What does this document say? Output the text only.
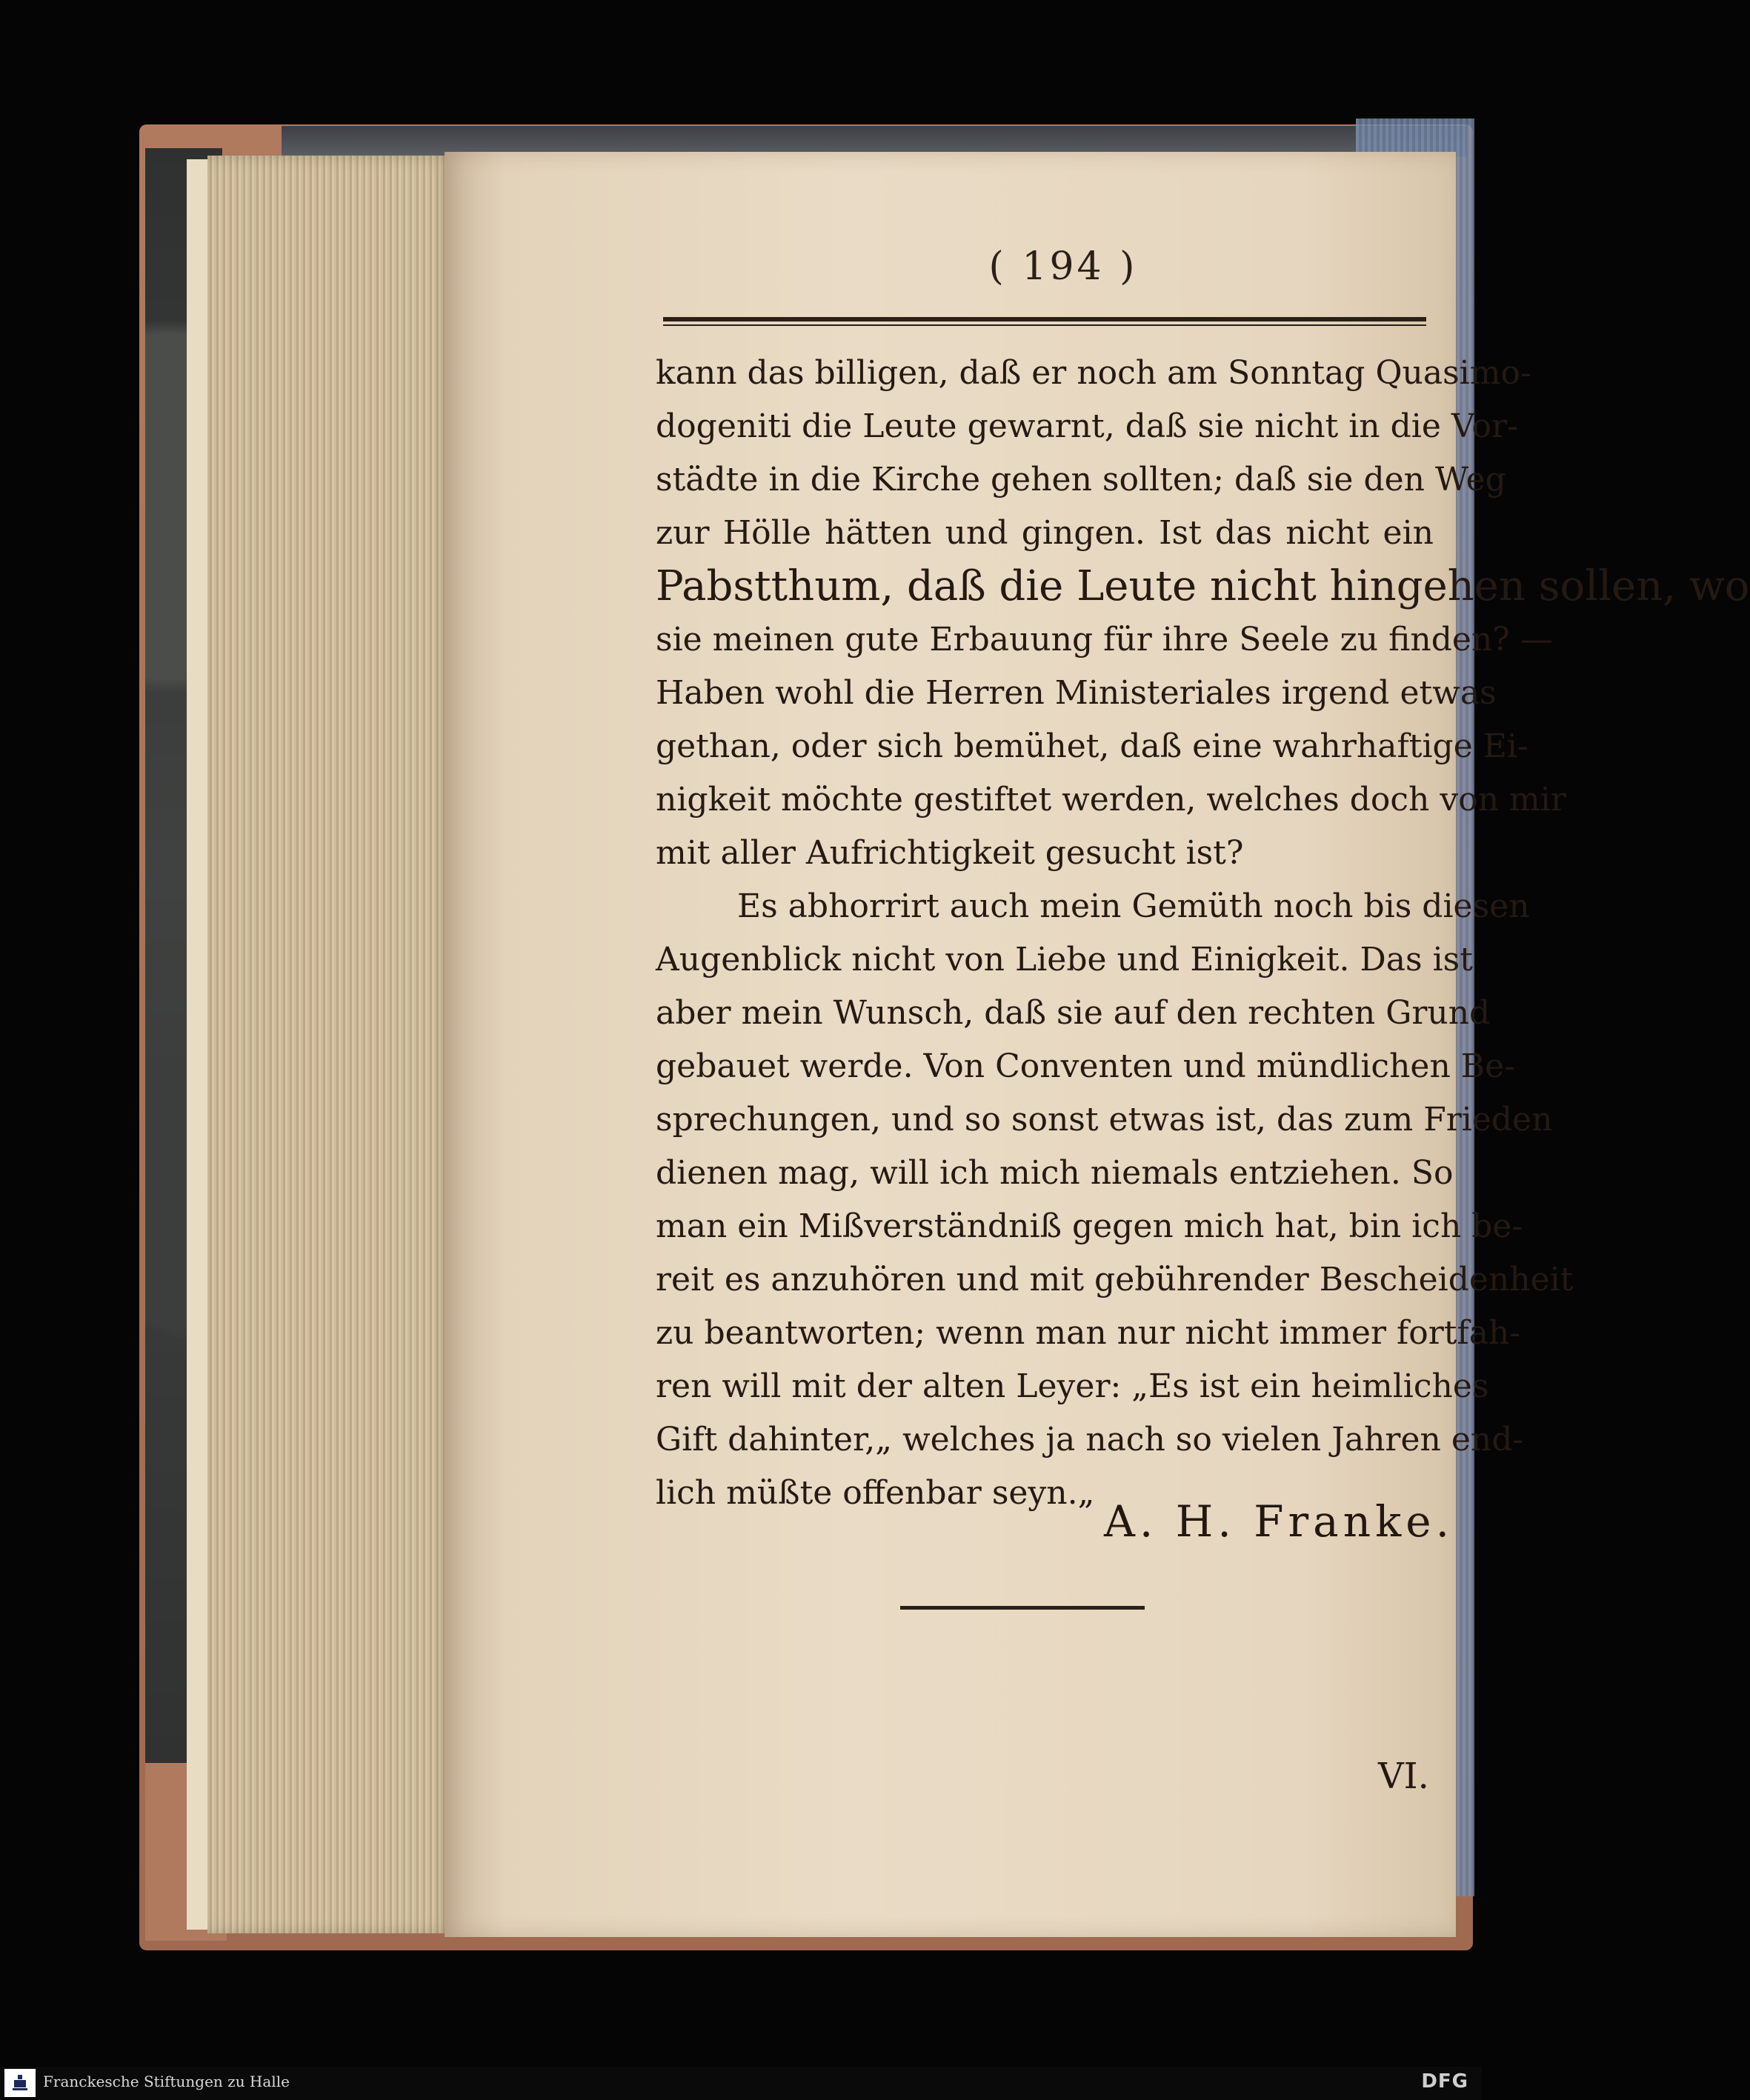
( 194 )
kann das billigen, daß er noch am Sonntag Quasimo-
dogeniti die Leute gewarnt, daß sie nicht in die Vor-
städte in die Kirche gehen sollten; daß sie den Weg
zur Hölle hätten und gingen. Ist das nicht ein
Pabstthum, daß die Leute nicht hingehen sollen, wo
sie meinen gute Erbauung für ihre Seele zu finden? —
Haben wohl die Herren Ministeriales irgend etwas
gethan, oder sich bemühet, daß eine wahrhaftige Ei-
nigkeit möchte gestiftet werden, welches doch von mir
mit aller Aufrichtigkeit gesucht ist?
Es abhorrirt auch mein Gemüth noch bis diesen
Augenblick nicht von Liebe und Einigkeit. Das ist
aber mein Wunsch, daß sie auf den rechten Grund
gebauet werde. Von Conventen und mündlichen Be-
sprechungen, und so sonst etwas ist, das zum Frieden
dienen mag, will ich mich niemals entziehen. So
man ein Mißverständniß gegen mich hat, bin ich be-
reit es anzuhören und mit gebührender Bescheidenheit
zu beantworten; wenn man nur nicht immer fortfah-
ren will mit der alten Leyer: „Es ist ein heimliches
Gift dahinter,„ welches ja nach so vielen Jahren end-
lich müßte offenbar seyn.„
A. H. Franke.
VI.
Franckesche Stiftungen zu Halle	DFG
